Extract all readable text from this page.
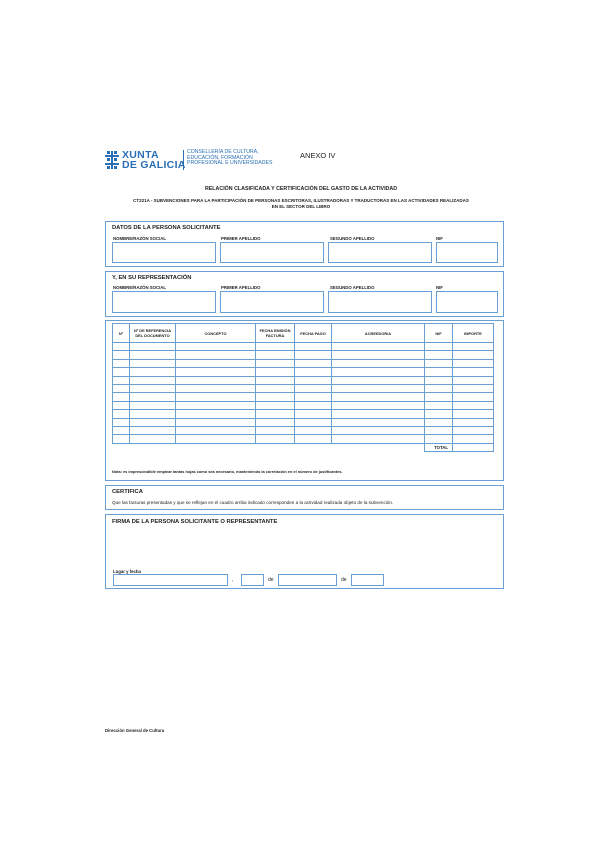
XUNTA
DE GALICIA
CONSELLERÍA DE CULTURA,
EDUCACIÓN, FORMACIÓN
PROFESIONAL E UNIVERSIDADES
ANEXO IV
RELACIÓN CLASIFICADA Y CERTIFICACIÓN DEL GASTO DE LA ACTIVIDAD
CT221A - SUBVENCIONES PARA LA PARTICIPACIÓN DE PERSONAS ESCRITORAS, ILUSTRADORAS Y TRADUCTORAS EN LAS ACTIVIDADES REALIZADAS
EN EL SECTOR DEL LIBRO
DATOS DE LA PERSONA SOLICITANTE
NOMBRE/RAZÓN SOCIAL	PRIMER APELLIDO	SEGUNDO APELLIDO	NIF
Y, EN SU REPRESENTACIÓN
NOMBRE/RAZÓN SOCIAL	PRIMER APELLIDO	SEGUNDO APELLIDO	NIF
Nº	Nº DE REFERENCIA DEL DOCUMENTO	CONCEPTO	FECHA EMISIÓN FACTURA	FECHA PAGO	ACREEDOR/A	NIF	IMPORTE

						TOTAL	
Nota: es imprescindible emplear tantas hojas como sea necesario, manteniendo la correlación en el número de justificantes.
CERTIFICA
Que las facturas presentadas y que se reflejan en el cuadro arriba indicado corresponden a la actividad realizada objeto de la subvención.
FIRMA DE LA PERSONA SOLICITANTE O REPRESENTANTE
Lugar y fecha
,	de	de
Dirección General de Cultura
